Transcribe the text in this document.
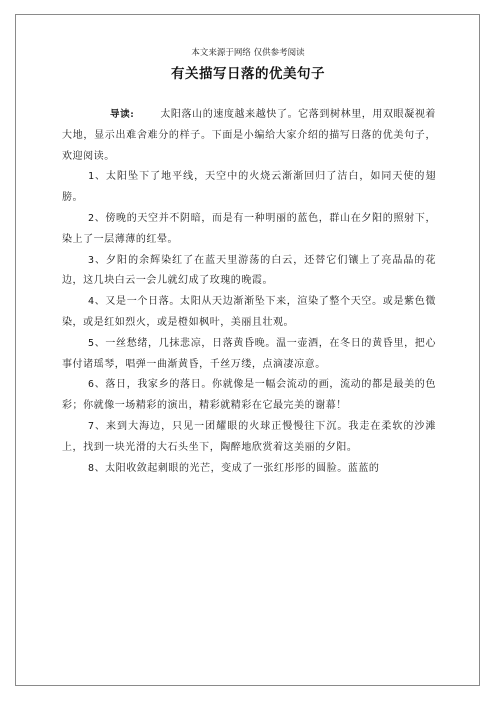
本文来源于网络 仅供参考阅读
有关描写日落的优美句子

导读:	太阳落山的速度越来越快了。它落到树林里，用双眼凝视着大地，显示出难舍难分的样子。下面是小编给大家介绍的描写日落的优美句子，欢迎阅读。

1、太阳坠下了地平线，天空中的火烧云渐渐回归了洁白，如同天使的翅膀。

2、傍晚的天空并不阴暗，而是有一种明丽的蓝色，群山在夕阳的照射下，染上了一层薄薄的红晕。

3、夕阳的余辉染红了在蓝天里游荡的白云，还替它们镶上了亮晶晶的花边，这几块白云一会儿就幻成了玫瑰的晚霞。

4、又是一个日落。太阳从天边渐渐坠下来，渲染了整个天空。或是紫色微染，或是红如烈火，或是橙如枫叶，美丽且壮观。

5、一丝愁绪，几抹悲凉，日落黄昏晚。温一壶酒，在冬日的黄昏里，把心事付诸瑶琴，唱弹一曲渐黄昏，千丝万缕，点滴凄凉意。

6、落日，我家乡的落日。你就像是一幅会流动的画，流动的都是最美的色彩；你就像一场精彩的演出，精彩就精彩在它最完美的谢幕！

7、来到大海边，只见一团耀眼的火球正慢慢往下沉。我走在柔软的沙滩上，找到一块光滑的大石头坐下，陶醉地欣赏着这美丽的夕阳。

8、太阳收敛起刺眼的光芒，变成了一张红彤彤的圆脸。蓝蓝的
